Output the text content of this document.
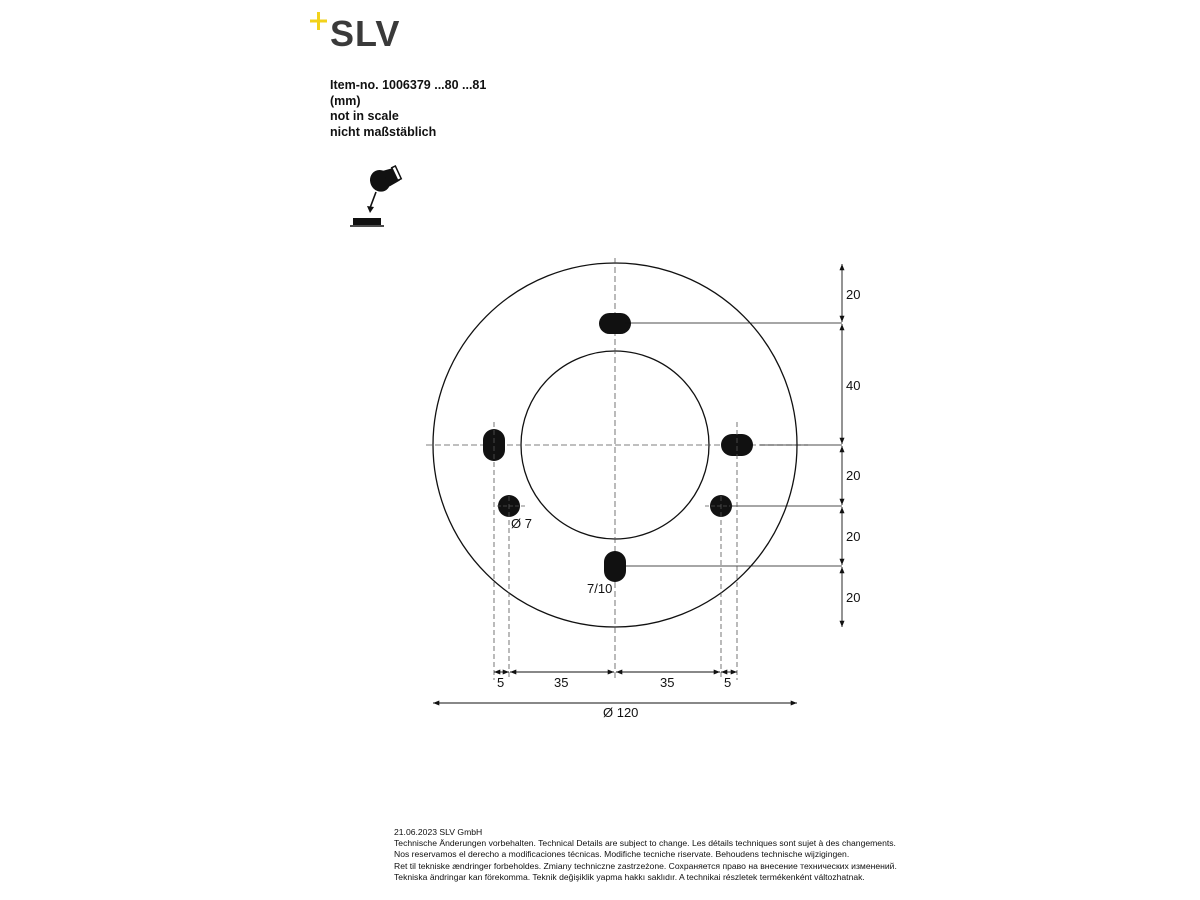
SLV
Item-no. 1006379 ...80 ...81
(mm)
not in scale
nicht maßstäblich
20
40
20
20
20
5	35	35	5
Ø 120
Ø 7
7/10
21.06.2023 SLV GmbH
Technische Änderungen vorbehalten. Technical Details are subject to change. Les détails techniques sont sujet à des changements.
Nos reservamos el derecho a modificaciones técnicas. Modifiche tecniche riservate. Behoudens technische wijzigingen.
Ret til tekniske ændringer forbeholdes. Zmiany techniczne zastrzeżone. Сохраняется право на внесение технических изменений.
Tekniska ändringar kan förekomma. Teknik değişiklik yapma hakkı saklıdır. A technikai részletek termékenként változhatnak.
